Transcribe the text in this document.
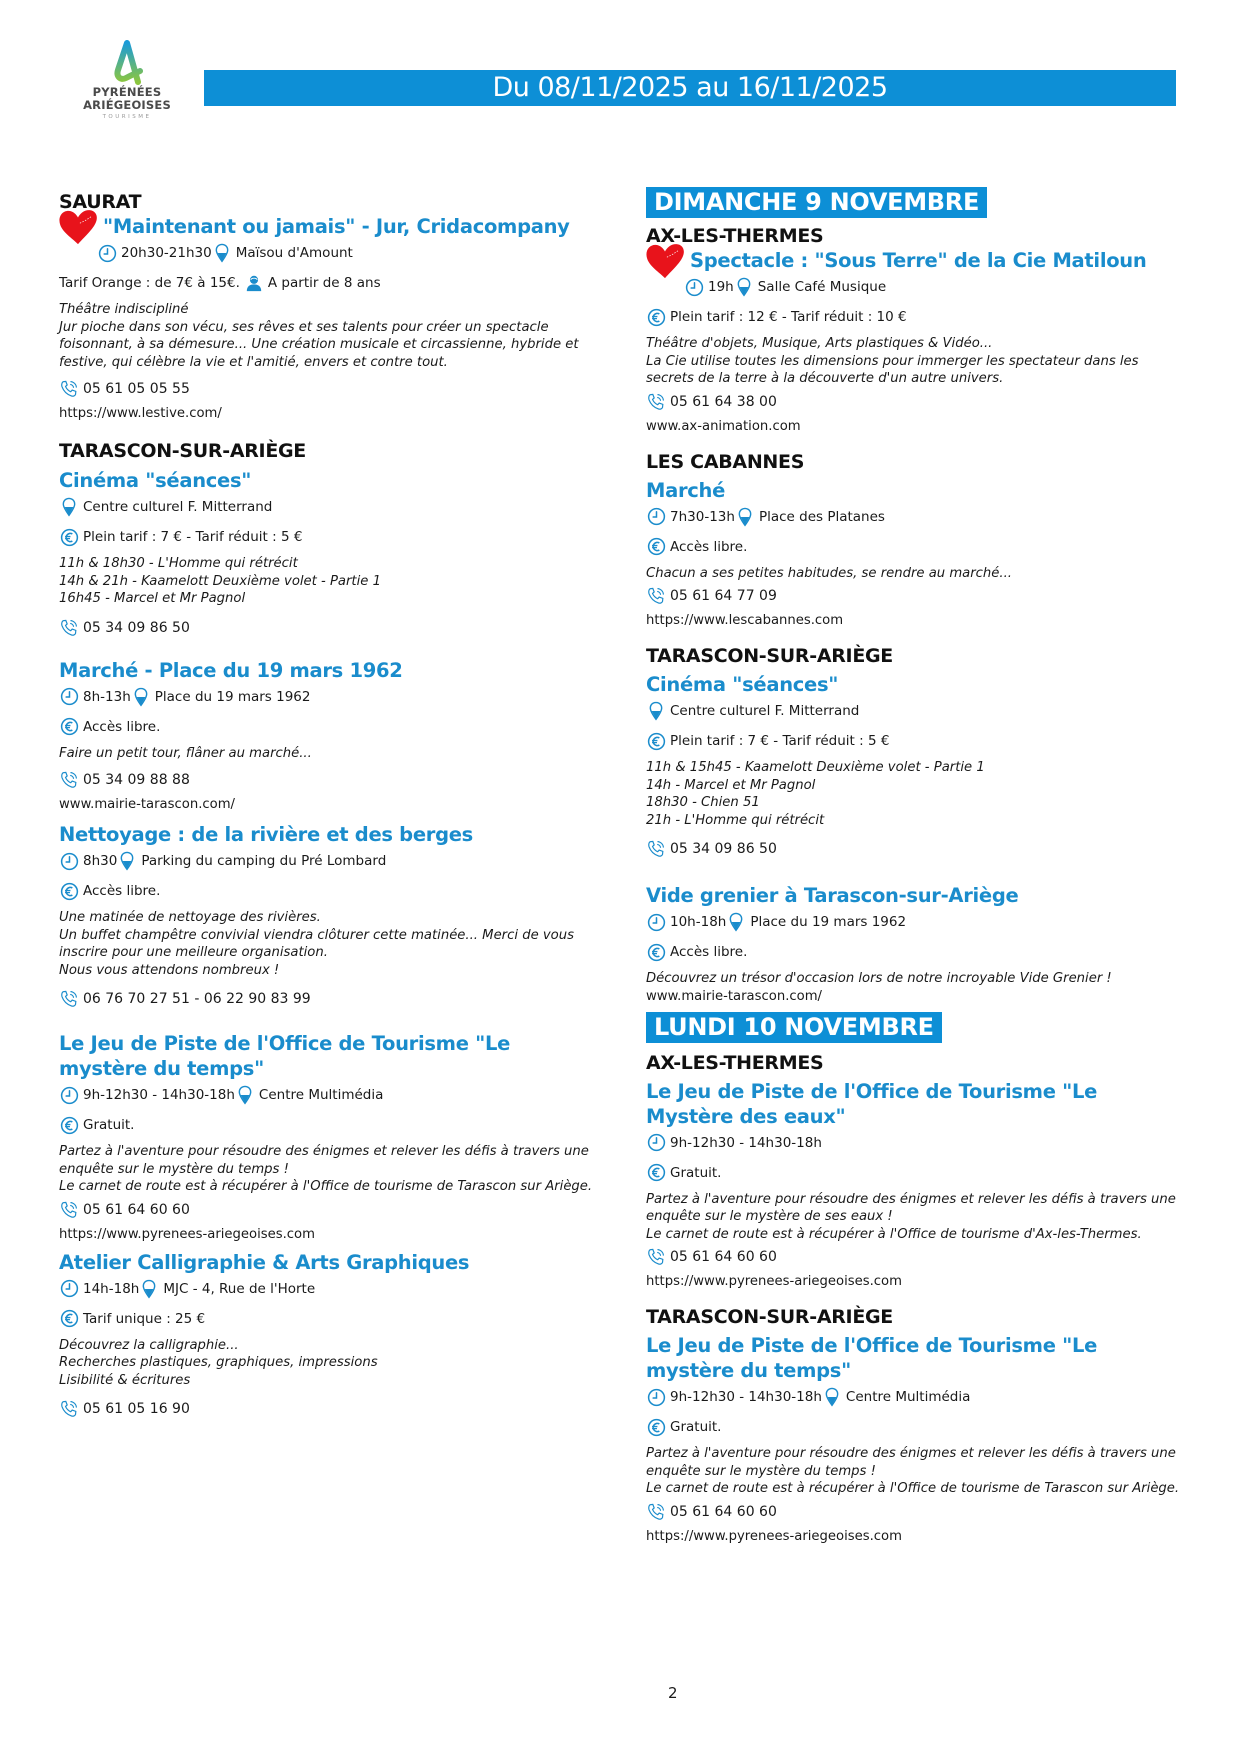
PYRÉNÉES
ARIÉGEOISES
TOURISME
Du 08/11/2025 au 16/11/2025
SAURAT
"Maintenant ou jamais" - Jur, Cridacompany
20h30-21h30 Maïsou d'Amount
Tarif Orange : de 7€ à 15€. A partir de 8 ans
Théâtre indiscipliné
Jur pioche dans son vécu, ses rêves et ses talents pour créer un spectacle foisonnant, à sa démesure... Une création musicale et circassienne, hybride et festive, qui célèbre la vie et l'amitié, envers et contre tout.
05 61 05 05 55
https://www.lestive.com/
TARASCON-SUR-ARIÈGE
Cinéma "séances"
Centre culturel F. Mitterrand
Plein tarif : 7 € - Tarif réduit : 5 €
11h & 18h30 - L'Homme qui rétrécit
14h & 21h - Kaamelott Deuxième volet - Partie 1
16h45 - Marcel et Mr Pagnol
05 34 09 86 50
Marché - Place du 19 mars 1962
8h-13h Place du 19 mars 1962
Accès libre.
Faire un petit tour, flâner au marché...
05 34 09 88 88
www.mairie-tarascon.com/
Nettoyage : de la rivière et des berges
8h30 Parking du camping du Pré Lombard
Accès libre.
Une matinée de nettoyage des rivières.
Un buffet champêtre convivial viendra clôturer cette matinée... Merci de vous inscrire pour une meilleure organisation.
Nous vous attendons nombreux !
06 76 70 27 51 - 06 22 90 83 99
Le Jeu de Piste de l'Office de Tourisme "Le mystère du temps"
9h-12h30 - 14h30-18h Centre Multimédia
Gratuit.
Partez à l'aventure pour résoudre des énigmes et relever les défis à travers une enquête sur le mystère du temps !
Le carnet de route est à récupérer à l'Office de tourisme de Tarascon sur Ariège.
05 61 64 60 60
https://www.pyrenees-ariegeoises.com
Atelier Calligraphie & Arts Graphiques
14h-18h MJC - 4, Rue de l'Horte
Tarif unique : 25 €
Découvrez la calligraphie...
Recherches plastiques, graphiques, impressions
Lisibilité & écritures
05 61 05 16 90
DIMANCHE 9 NOVEMBRE
AX-LES-THERMES
Spectacle : "Sous Terre" de la Cie Matiloun
19h Salle Café Musique
Plein tarif : 12 € - Tarif réduit : 10 €
Théâtre d'objets, Musique, Arts plastiques & Vidéo...
La Cie utilise toutes les dimensions pour immerger les spectateur dans les secrets de la terre à la découverte d'un autre univers.
05 61 64 38 00
www.ax-animation.com
LES CABANNES
Marché
7h30-13h Place des Platanes
Accès libre.
Chacun a ses petites habitudes, se rendre au marché...
05 61 64 77 09
https://www.lescabannes.com
TARASCON-SUR-ARIÈGE
Cinéma "séances"
Centre culturel F. Mitterrand
Plein tarif : 7 € - Tarif réduit : 5 €
11h & 15h45 - Kaamelott Deuxième volet - Partie 1
14h - Marcel et Mr Pagnol
18h30 - Chien 51
21h - L'Homme qui rétrécit
05 34 09 86 50
Vide grenier à Tarascon-sur-Ariège
10h-18h Place du 19 mars 1962
Accès libre.
Découvrez un trésor d'occasion lors de notre incroyable Vide Grenier !
www.mairie-tarascon.com/
LUNDI 10 NOVEMBRE
AX-LES-THERMES
Le Jeu de Piste de l'Office de Tourisme "Le Mystère des eaux"
9h-12h30 - 14h30-18h
Gratuit.
Partez à l'aventure pour résoudre des énigmes et relever les défis à travers une enquête sur le mystère de ses eaux !
Le carnet de route est à récupérer à l'Office de tourisme d'Ax-les-Thermes.
05 61 64 60 60
https://www.pyrenees-ariegeoises.com
TARASCON-SUR-ARIÈGE
Le Jeu de Piste de l'Office de Tourisme "Le mystère du temps"
9h-12h30 - 14h30-18h Centre Multimédia
Gratuit.
Partez à l'aventure pour résoudre des énigmes et relever les défis à travers une enquête sur le mystère du temps !
Le carnet de route est à récupérer à l'Office de tourisme de Tarascon sur Ariège.
05 61 64 60 60
https://www.pyrenees-ariegeoises.com
2
